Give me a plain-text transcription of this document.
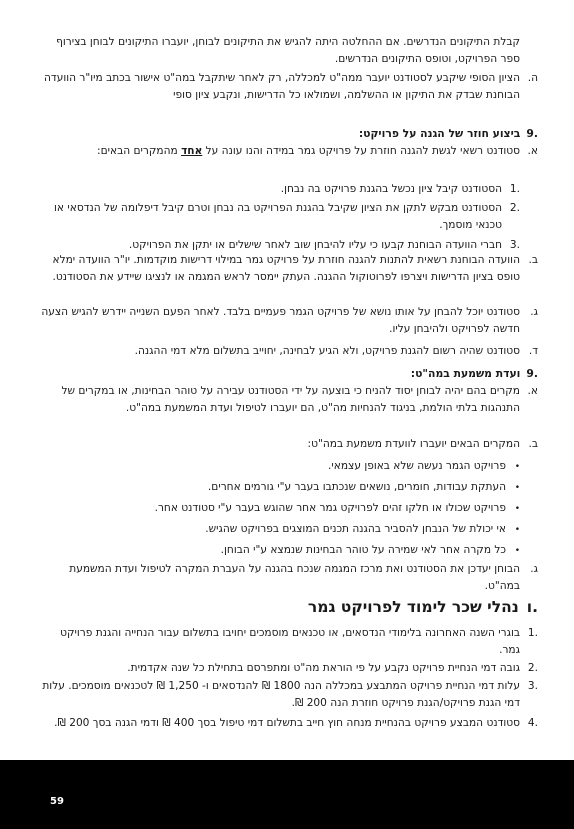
קבלת התיקונים הנדרשים. אם ההחלטה היתה להגיש את התיקונים לבוחן, יועברו התיקונים לבוחן בצירוף ספר הפרויקט, וטופס התיקונים הנדרשים.
ה.
הציון הסופי שיקבע לסטודנט יועבר ממה"ט למכללה, רק לאחר שיתקבל במה"ט אישור בכתב מיו"ר הוועדה הבוחנת שבדק את התיקון או ההשלמה, ושמולאו כל הדרישות, ונקבע ציון סופי
.9ביצוע חוזר של הגנה על פרויקט:
א.
סטודנט רשאי לגשת להגנה חוזרת על פרויקט גמר במידה והנו עונה על אחד מהמקרים הבאים:
.1
הסטודנט קיבל ציון נכשל בהגנת פרויקט בה נבחן.
.2
הסטודנט מבקש לתקן את הציון שקיבל בהגנת הפרויקט בה נבחן וטרם קיבל דיפלומה של הנדסאי או טכנאי מוסמך.
.3
חברי הוועדה הבוחנת קבעו כי עליו להיבחן שוב לאחר שישלים או יתקן את הפרויקט.
ב.
הוועדה הבוחנת רשאית להתנות להגנה חוזרת על פרויקט גמר במילוי דרישות מוקדמות. יו"ר הוועדה ימלא טופס בציון הדרישות ויצרפו לפרוטוקול ההגנה. העתק יימסר לראש המגמה או לנציגו שיידע את הסטודנט.
ג.
סטודנט יוכל להבחן על אותו נושא של פרויקט הגמר פעמיים בלבד. לאחר הפעם השנייה יידרש להגיש הצעה חדשה לפרויקט ולהיבחן עליו.
ד.
סטודנט שהיה רשום להגנת פרויקט, ולא הגיע לבחינה, יחוייב בתשלום מלא דמי ההגנה.
.9ועדת משמעת במה"ט:
א.
מקרים בהם יהיה לבוחן יסוד להניח כי בוצעה על ידי הסטודנט עבירה על טוהר הבחינות, או במקרים של התנהגות בלתי הולמת, בניגוד להנחיות מה"ט, הם יועברו לטיפול ועדת המשמעת במה"ט.
ב.
המקרים הבאים יועברו לוועדת משמעת במה"ט:
•
פרויקט הגמר נעשה שלא באופן עצמאי.
•
העתקת עבודות, חומרים, נושאים שנכתבו בעבר ע"י גורמים אחרים.
•
פרויקט שכולו או חלקו זהים לפרויקט גמר אחר שהוגש בעבר ע"י סטודנט אחר.
•
אי יכולת של הנבחן להסביר בהגנה תכנים המוצגים בפרויקט שהגיש.
•
כל מקרה אחר לאי שמירה על טוהר הבחינות שנמצא ע"י הבוחן.
ג.
הבוחן יעדכן את הסטודנט ואת מרכז המגמה שנכח בהגנה על העברת המקרה לטיפול ועדת המשמעת במה"ט.
.ונהלי שכר לימוד לפרויקט גמר
.1
בוגרי השנה האחרונה בלימודי הנדסאים, או טכנאים מוסמכים יחויבו בתשלום עבור הנחייה והגנת פרויקט גמר.
.2
גובה דמי הנחיית פרויקט נקבע על פי הוראת מה"ט ומתפרסם בתחילת כל שנה אקדמית.
.3
עלות דמי הנחיית פרויקט המתבצע במכללה הנה 1800 ₪ להנדסאים ו- 1,250 ₪ לטכנאים מוסמכים. עלות דמי הגנת פרויקט/הגנת פרויקט חוזרת הנה 200 ₪.
.4
סטודנט המבצע פרויקט בהנחיית מנחה חוץ חייב בתשלום דמי טיפול בסך 400 ₪ ודמי הגנה בסך 200 ₪.
59
